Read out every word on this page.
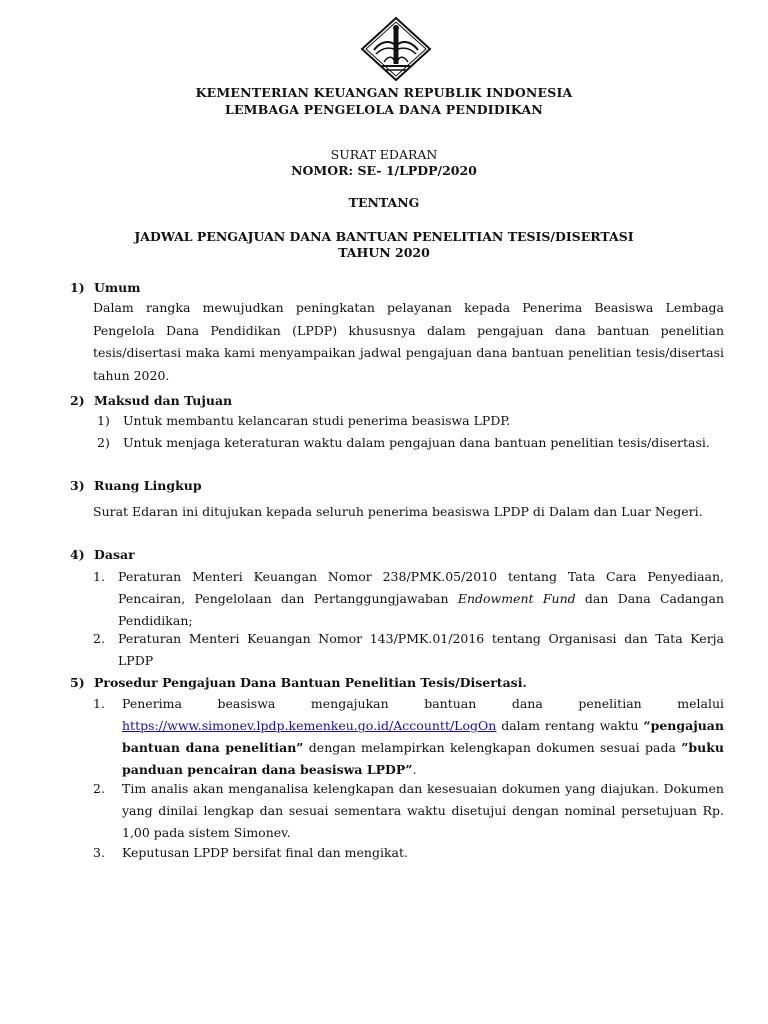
KEMENTERIAN KEUANGAN REPUBLIK INDONESIA
LEMBAGA PENGELOLA DANA PENDIDIKAN
SURAT EDARAN
NOMOR: SE- 1/LPDP/2020
TENTANG
JADWAL PENGAJUAN DANA BANTUAN PENELITIAN TESIS/DISERTASI
TAHUN 2020
1) Umum
Dalam rangka mewujudkan peningkatan pelayanan kepada Penerima Beasiswa Lembaga Pengelola Dana Pendidikan (LPDP) khususnya dalam pengajuan dana bantuan penelitian tesis/disertasi maka kami menyampaikan jadwal pengajuan dana bantuan penelitian tesis/disertasi tahun 2020.
2) Maksud dan Tujuan
1)	Untuk membantu kelancaran studi penerima beasiswa LPDP.
2)	Untuk menjaga keteraturan waktu dalam pengajuan dana bantuan penelitian tesis/disertasi.
3) Ruang Lingkup
Surat Edaran ini ditujukan kepada seluruh penerima beasiswa LPDP di Dalam dan Luar Negeri.
4) Dasar
1.	Peraturan Menteri Keuangan Nomor 238/PMK.05/2010 tentang Tata Cara Penyediaan, Pencairan, Pengelolaan dan Pertanggungjawaban Endowment Fund dan Dana Cadangan Pendidikan;
2.	Peraturan Menteri Keuangan Nomor 143/PMK.01/2016 tentang Organisasi dan Tata Kerja LPDP
5) Prosedur Pengajuan Dana Bantuan Penelitian Tesis/Disertasi.
1.	Penerima beasiswa mengajukan bantuan dana penelitian melalui https://www.simonev.lpdp.kemenkeu.go.id/Accountt/LogOn dalam rentang waktu “pengajuan bantuan dana penelitian” dengan melampirkan kelengkapan dokumen sesuai pada ”buku panduan pencairan dana beasiswa LPDP”.
2.	Tim analis akan menganalisa kelengkapan dan kesesuaian dokumen yang diajukan. Dokumen yang dinilai lengkap dan sesuai sementara waktu disetujui dengan nominal persetujuan Rp. 1,00 pada sistem Simonev.
3.	Keputusan LPDP bersifat final dan mengikat.
